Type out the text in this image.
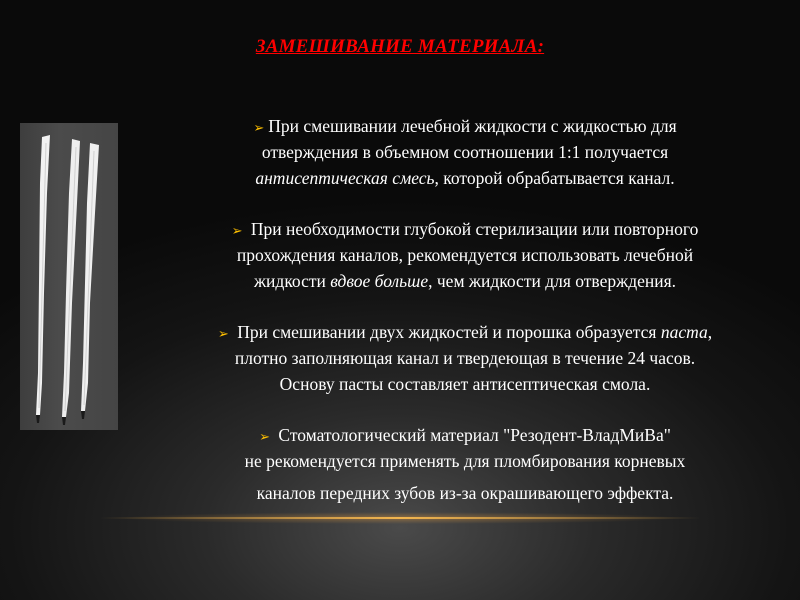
ЗАМЕШИВАНИЕ МАТЕРИАЛА:

➢ При смешивании лечебной жидкости с жидкостью для
отверждения в объемном соотношении 1:1 получается
антисептическая смесь, которой обрабатывается канал.

➢ При необходимости глубокой стерилизации или повторного
прохождения каналов, рекомендуется использовать лечебной
жидкости вдвое больше, чем жидкости для отверждения.

➢ При смешивании двух жидкостей и порошка образуется паста,
плотно заполняющая канал и твердеющая в течение 24 часов.
Основу пасты составляет антисептическая смола.

➢ Стоматологический материал "Резодент-ВладМиВа"
не рекомендуется применять для пломбирования корневых
каналов передних зубов из-за окрашивающего эффекта.
